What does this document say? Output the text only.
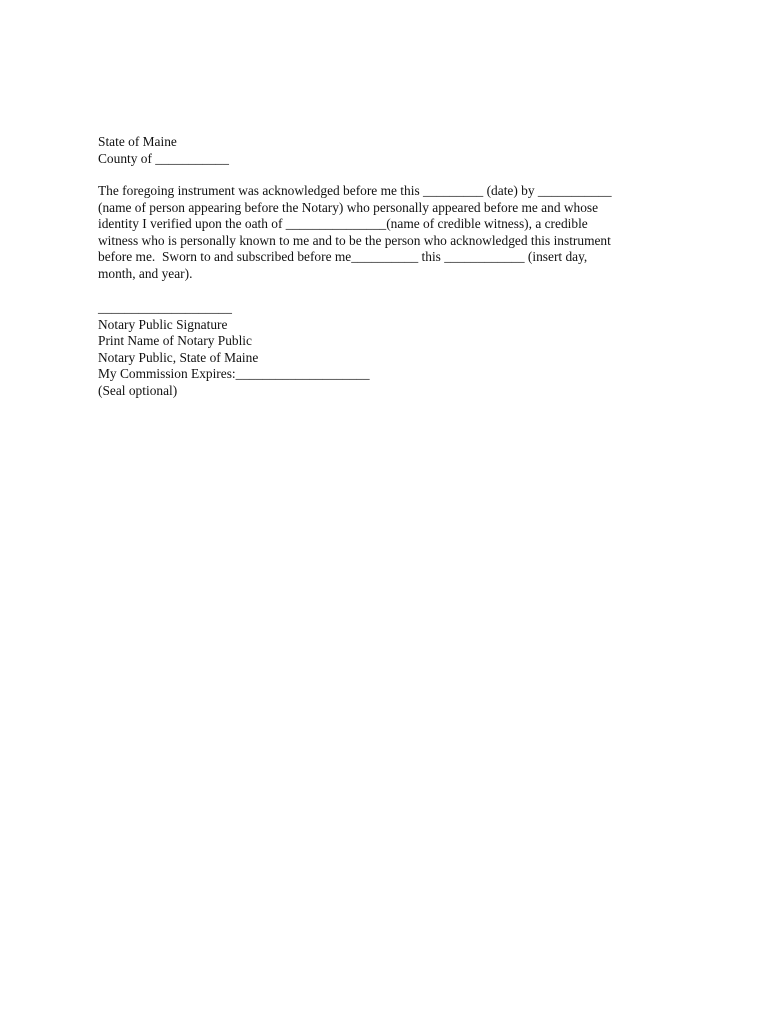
State of Maine
County of ___________
The foregoing instrument was acknowledged before me this _________ (date) by ___________
(name of person appearing before the Notary) who personally appeared before me and whose
identity I verified upon the oath of _______________(name of credible witness), a credible
witness who is personally known to me and to be the person who acknowledged this instrument
before me.  Sworn to and subscribed before me__________ this ____________ (insert day,
month, and year).
____________________
Notary Public Signature
Print Name of Notary Public
Notary Public, State of Maine
My Commission Expires:____________________
(Seal optional)
